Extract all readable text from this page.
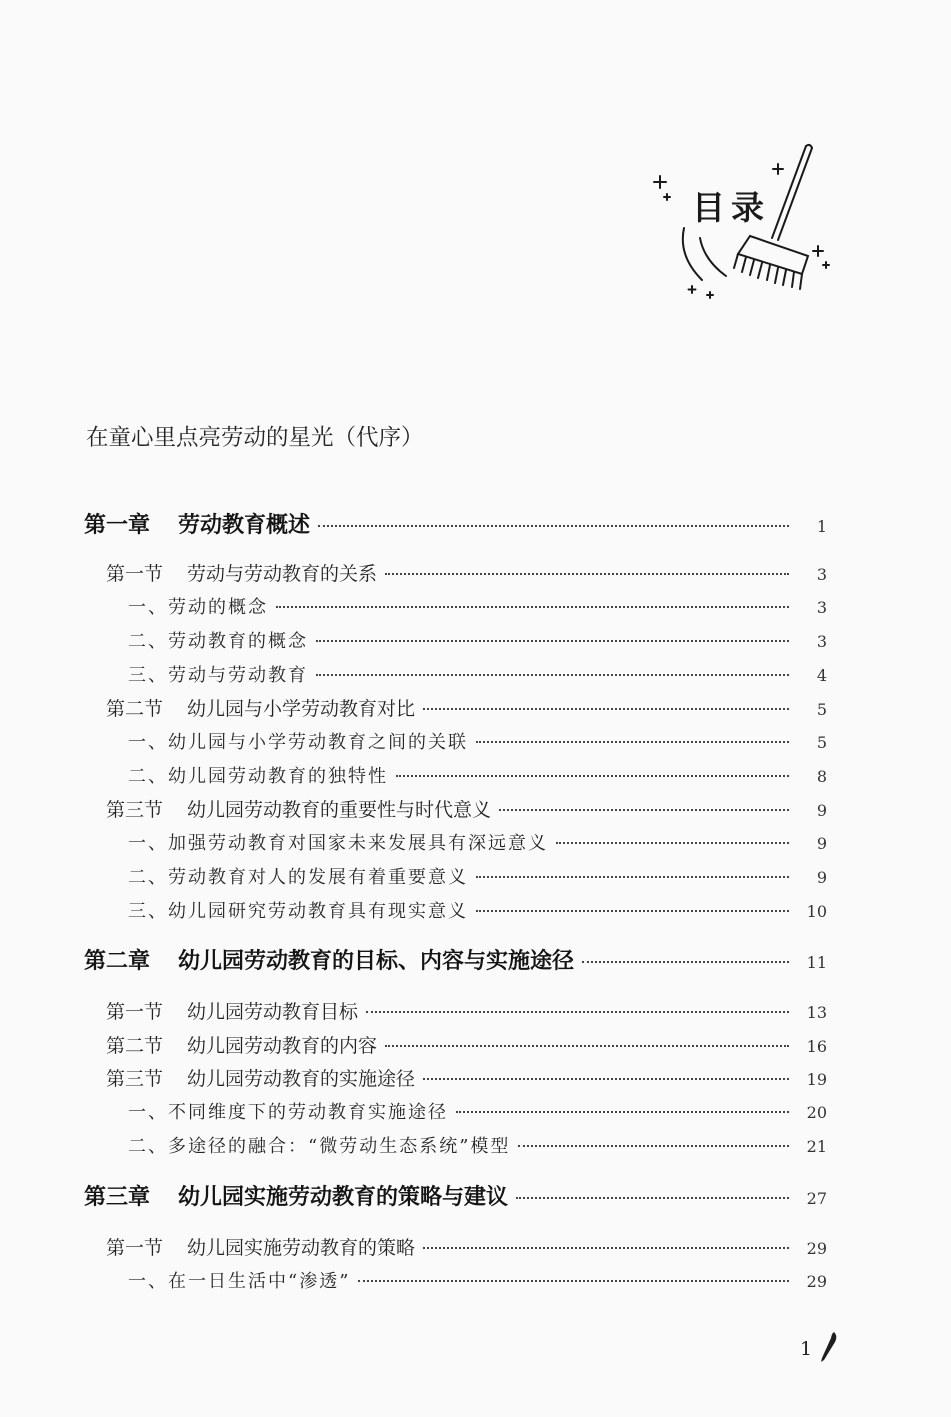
目录
在童心里点亮劳动的星光（代序）
第一章 劳动教育概述	1
第一节 劳动与劳动教育的关系	3
一、劳动的概念	3
二、劳动教育的概念	3
三、劳动与劳动教育	4
第二节 幼儿园与小学劳动教育对比	5
一、幼儿园与小学劳动教育之间的关联	5
二、幼儿园劳动教育的独特性	8
第三节 幼儿园劳动教育的重要性与时代意义	9
一、加强劳动教育对国家未来发展具有深远意义	9
二、劳动教育对人的发展有着重要意义	9
三、幼儿园研究劳动教育具有现实意义	10
第二章 幼儿园劳动教育的目标、内容与实施途径	11
第一节 幼儿园劳动教育目标	13
第二节 幼儿园劳动教育的内容	16
第三节 幼儿园劳动教育的实施途径	19
一、不同维度下的劳动教育实施途径	20
二、多途径的融合：“微劳动生态系统”模型	21
第三章 幼儿园实施劳动教育的策略与建议	27
第一节 幼儿园实施劳动教育的策略	29
一、在一日生活中“渗透”	29

1
